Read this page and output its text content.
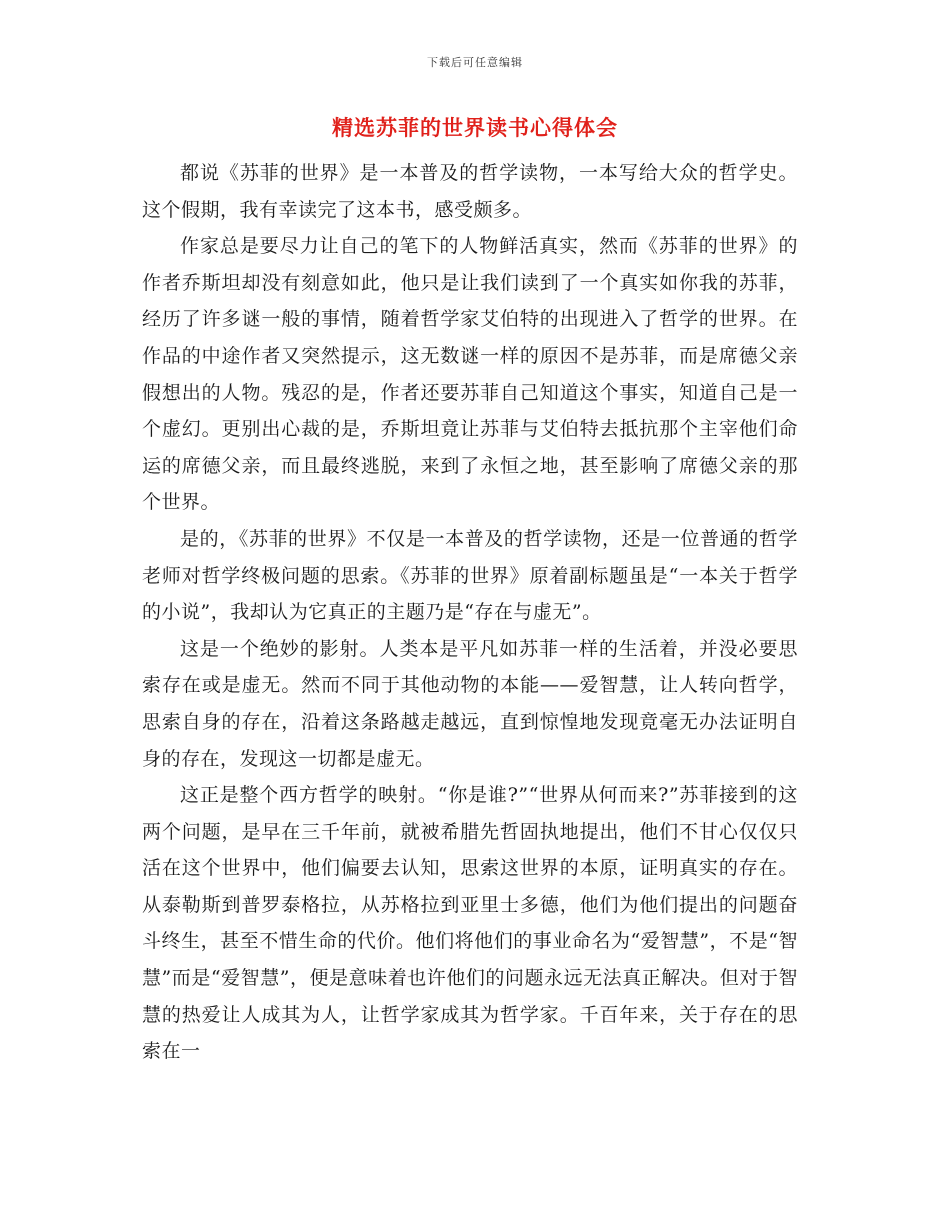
下载后可任意编辑
精选苏菲的世界读书心得体会

都说《苏菲的世界》是一本普及的哲学读物，一本写给大众的哲学史。这个假期，我有幸读完了这本书，感受颇多。

作家总是要尽力让自己的笔下的人物鲜活真实，然而《苏菲的世界》的作者乔斯坦却没有刻意如此，他只是让我们读到了一个真实如你我的苏菲，经历了许多谜一般的事情，随着哲学家艾伯特的出现进入了哲学的世界。在作品的中途作者又突然提示，这无数谜一样的原因不是苏菲，而是席德父亲假想出的人物。残忍的是，作者还要苏菲自己知道这个事实，知道自己是一个虚幻。更别出心裁的是，乔斯坦竟让苏菲与艾伯特去抵抗那个主宰他们命运的席德父亲，而且最终逃脱，来到了永恒之地，甚至影响了席德父亲的那个世界。

是的，《苏菲的世界》不仅是一本普及的哲学读物，还是一位普通的哲学老师对哲学终极问题的思索。《苏菲的世界》原着副标题虽是“一本关于哲学的小说”，我却认为它真正的主题乃是“存在与虚无”。

这是一个绝妙的影射。人类本是平凡如苏菲一样的生活着，并没必要思索存在或是虚无。然而不同于其他动物的本能——爱智慧，让人转向哲学，思索自身的存在，沿着这条路越走越远，直到惊惶地发现竟毫无办法证明自身的存在，发现这一切都是虚无。

这正是整个西方哲学的映射。“你是谁?”“世界从何而来?”苏菲接到的这两个问题，是早在三千年前，就被希腊先哲固执地提出，他们不甘心仅仅只活在这个世界中，他们偏要去认知，思索这世界的本原，证明真实的存在。从泰勒斯到普罗泰格拉，从苏格拉到亚里士多德，他们为他们提出的问题奋斗终生，甚至不惜生命的代价。他们将他们的事业命名为“爱智慧”，不是“智慧”而是“爱智慧”，便是意味着也许他们的问题永远无法真正解决。但对于智慧的热爱让人成其为人，让哲学家成其为哲学家。千百年来，关于存在的思索在一
